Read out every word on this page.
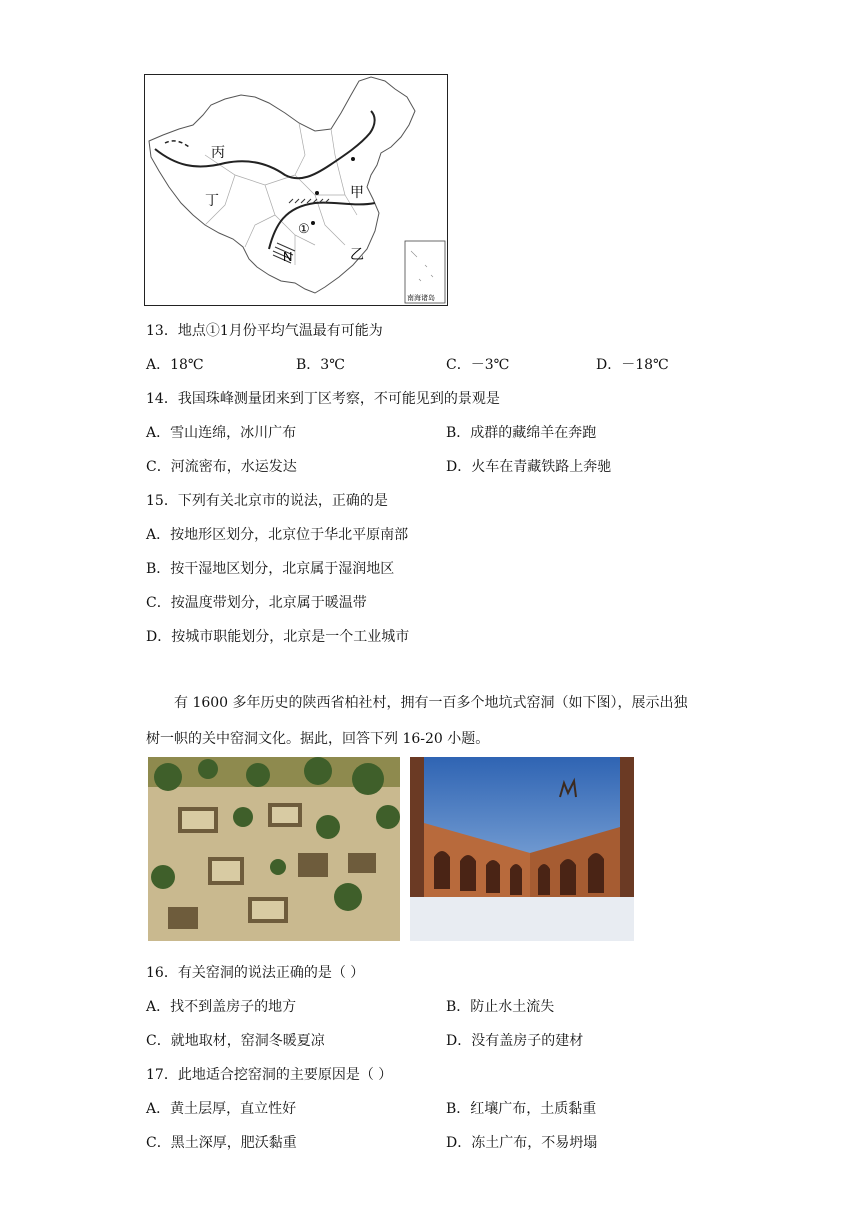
丙
丁
甲
乙
N
①
南海诸岛
13．地点①1月份平均气温最有可能为
A．18℃	B．3℃	C．－3℃	D．－18℃
14．我国珠峰测量团来到丁区考察，不可能见到的景观是
A．雪山连绵，冰川广布	B．成群的藏绵羊在奔跑
C．河流密布，水运发达	D．火车在青藏铁路上奔驰
15．下列有关北京市的说法，正确的是
A．按地形区划分，北京位于华北平原南部
B．按干湿地区划分，北京属于湿润地区
C．按温度带划分，北京属于暖温带
D．按城市职能划分，北京是一个工业城市
有 1600 多年历史的陕西省柏社村，拥有一百多个地坑式窑洞（如下图），展示出独
树一帜的关中窑洞文化。据此，回答下列 16-20 小题。
16．有关窑洞的说法正确的是（ ）
A．找不到盖房子的地方	B．防止水土流失
C．就地取材，窑洞冬暖夏凉	D．没有盖房子的建材
17．此地适合挖窑洞的主要原因是（ ）
A．黄土层厚，直立性好	B．红壤广布，土质黏重
C．黑土深厚，肥沃黏重	D．冻土广布，不易坍塌
